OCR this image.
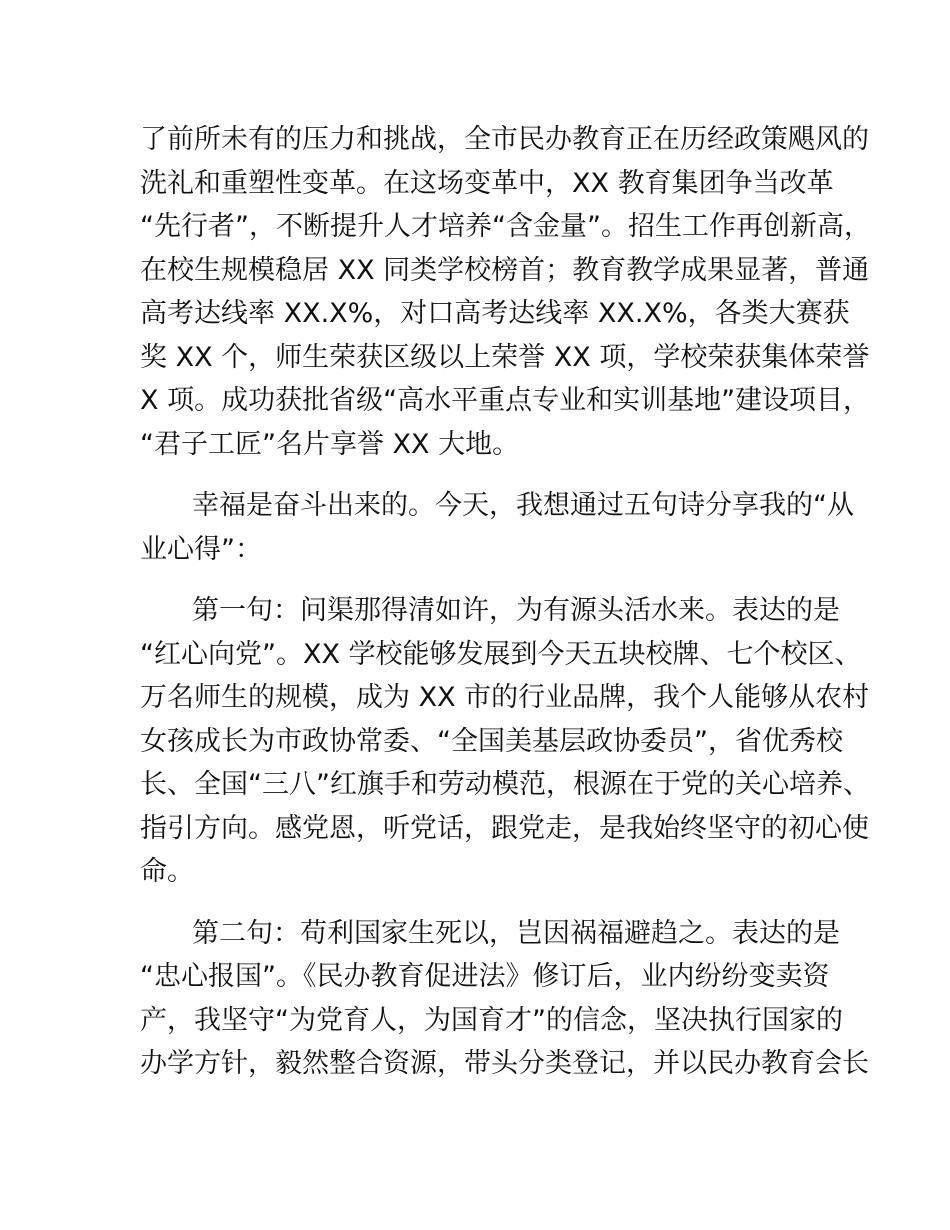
了前所未有的压力和挑战，全市民办教育正在历经政策飓风的
洗礼和重塑性变革。在这场变革中，XX 教育集团争当改革
“先行者”，不断提升人才培养“含金量”。招生工作再创新高，
在校生规模稳居 XX 同类学校榜首；教育教学成果显著，普通
高考达线率 XX.X%，对口高考达线率 XX.X%，各类大赛获
奖 XX 个，师生荣获区级以上荣誉 XX 项，学校荣获集体荣誉
X 项。成功获批省级“高水平重点专业和实训基地”建设项目，
“君子工匠”名片享誉 XX 大地。
幸福是奋斗出来的。今天，我想通过五句诗分享我的“从
业心得”：
第一句：问渠那得清如许，为有源头活水来。表达的是
“红心向党”。XX 学校能够发展到今天五块校牌、七个校区、
万名师生的规模，成为 XX 市的行业品牌，我个人能够从农村
女孩成长为市政协常委、“全国美基层政协委员”，省优秀校
长、全国“三八”红旗手和劳动模范，根源在于党的关心培养、
指引方向。感党恩，听党话，跟党走，是我始终坚守的初心使
命。
第二句：苟利国家生死以，岂因祸福避趋之。表达的是
“忠心报国”。《民办教育促进法》修订后，业内纷纷变卖资
产，我坚守“为党育人，为国育才”的信念，坚决执行国家的
办学方针，毅然整合资源，带头分类登记，并以民办教育会长
